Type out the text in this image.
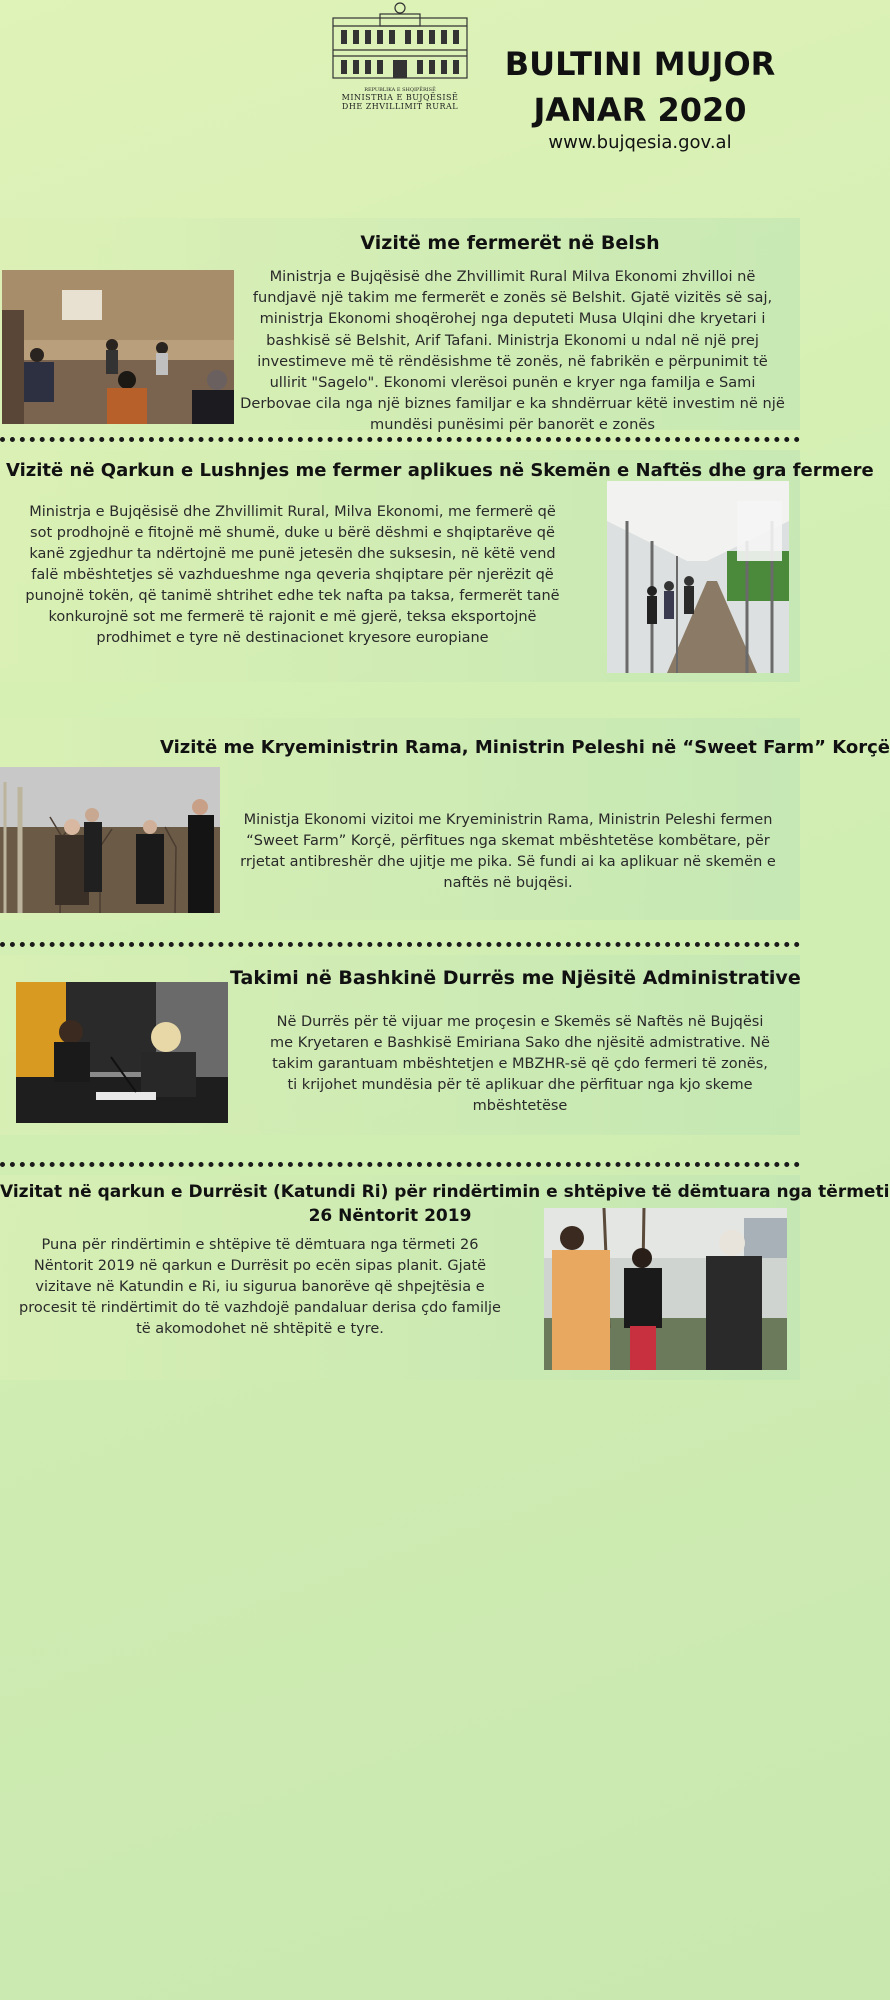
REPUBLIKA E SHQIPËRISË
MINISTRIA E BUJQËSISË
DHE ZHVILLIMIT RURAL
BULTINI MUJOR
JANAR 2020
www.bujqesia.gov.al
Vizitë me fermerët në Belsh
Ministrja e Bujqësisë dhe Zhvillimit Rural Milva Ekonomi zhvilloi në fundjavë një takim me fermerët e zonës së Belshit. Gjatë vizitës së saj, ministrja Ekonomi shoqërohej nga deputeti Musa Ulqini dhe kryetari i bashkisë së Belshit, Arif Tafani. Ministrja Ekonomi u ndal në një prej investimeve më të rëndësishme të zonës, në fabrikën e përpunimit të ullirit "Sagelo". Ekonomi vlerësoi punën e kryer nga familja e Sami Derbovae cila nga një biznes familjar e ka shndërruar këtë investim në një mundësi punësimi për banorët e zonës
Vizitë në Qarkun e Lushnjes me fermer aplikues në Skemën e Naftës dhe gra fermere
Ministrja e Bujqësisë dhe Zhvillimit Rural, Milva Ekonomi, me fermerë që sot prodhojnë e fitojnë më shumë, duke u bërë dëshmi e shqiptarëve që kanë zgjedhur ta ndërtojnë me punë jetesën dhe suksesin, në këtë vend falë mbështetjes së vazhdueshme nga qeveria shqiptare për njerëzit që punojnë tokën, që tanimë shtrihet edhe tek nafta pa taksa, fermerët tanë konkurojnë sot me fermerë të rajonit e më gjerë, teksa eksportojnë prodhimet e tyre në destinacionet kryesore europiane
Vizitë me Kryeministrin Rama, Ministrin Peleshi në “Sweet Farm” Korçë
Ministja Ekonomi vizitoi me Kryeministrin Rama, Ministrin Peleshi fermen “Sweet Farm” Korçë, përfitues nga skemat mbështetëse kombëtare, për rrjetat antibreshër dhe ujitje me pika. Së fundi ai ka aplikuar në skemën e naftës në bujqësi.
Takimi në Bashkinë Durrës me Njësitë Administrative
Në Durrës për të vijuar me proçesin e Skemës së Naftës në Bujqësi me Kryetaren e Bashkisë Emiriana Sako dhe njësitë admistrative. Në takim garantuam mbështetjen e MBZHR-së që çdo fermeri të zonës, ti krijohet mundësia për të aplikuar dhe përfituar nga kjo skeme mbështetëse
Vizitat në qarkun e Durrësit (Katundi Ri) për rindërtimin e shtëpive të dëmtuara nga tërmeti
26 Nëntorit 2019
Puna për rindërtimin e shtëpive të dëmtuara nga tërmeti 26 Nëntorit 2019 në qarkun e Durrësit po ecën sipas planit. Gjatë vizitave në Katundin e Ri, iu sigurua banorëve që shpejtësia e procesit të rindërtimit do të vazhdojë pandaluar derisa çdo familje të akomodohet në shtëpitë e tyre.
